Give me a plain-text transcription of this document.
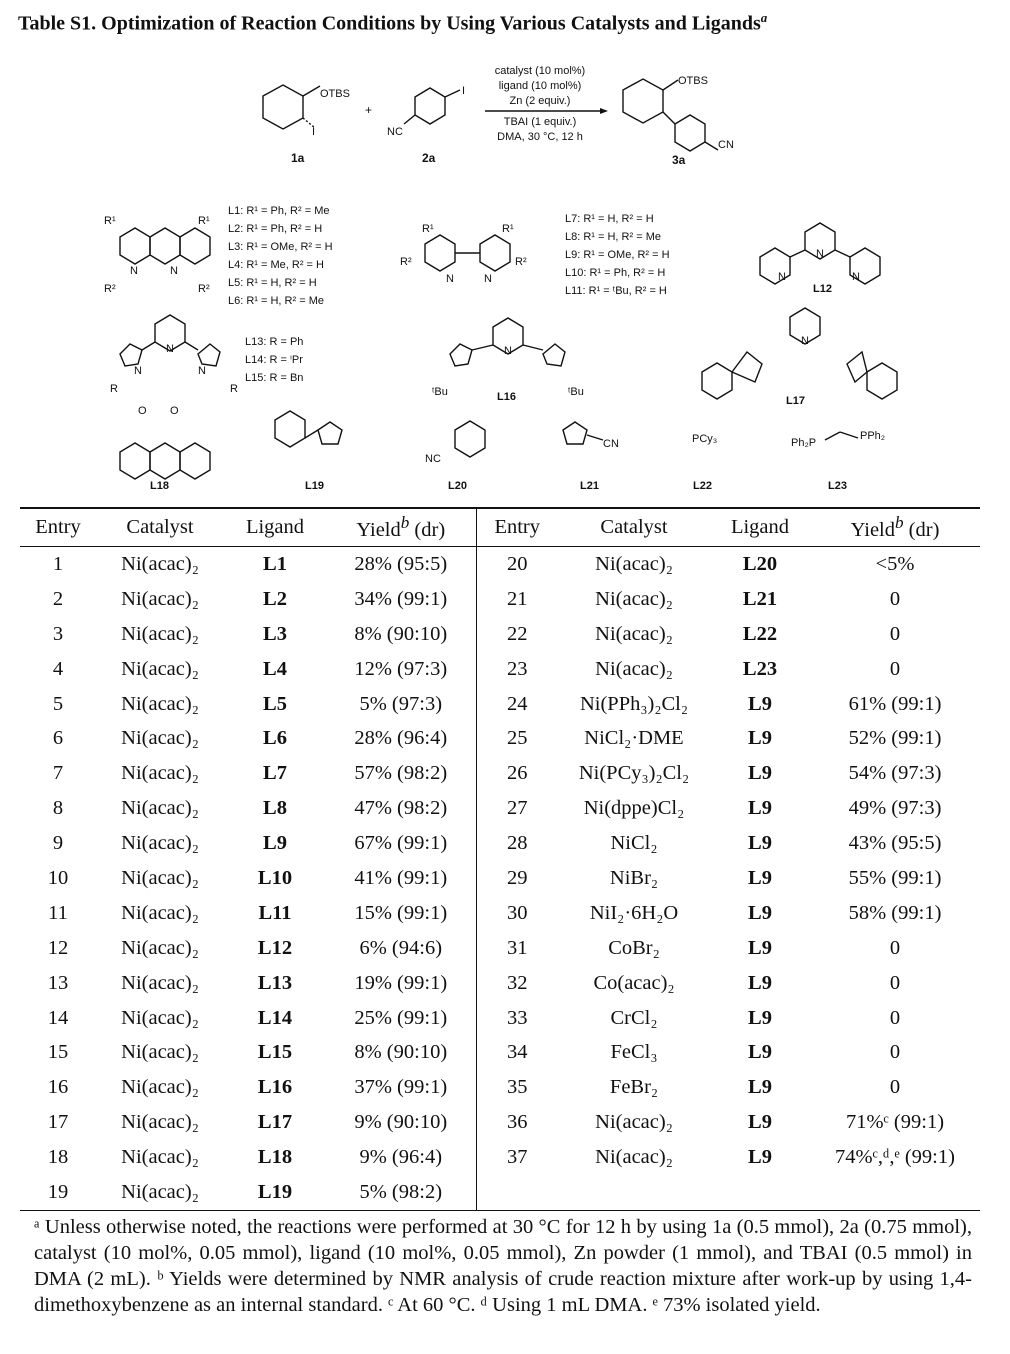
Table S1. Optimization of Reaction Conditions by Using Various Catalysts and Ligands$^a$
OTBS
I
1a
+
I
NC
2a
catalyst (10 mol%)
ligand (10 mol%)
Zn (2 equiv.)
TBAI (1 equiv.)
DMA, 30 °C, 12 h
OTBS
CN
3a
R¹	R¹
R²	R²
N	N
L1: R¹ = Ph, R² = Me
L2: R¹ = Ph, R² = H
L3: R¹ = OMe, R² = H
L4: R¹ = Me, R² = H
L5: R¹ = H, R² = H
L6: R¹ = H, R² = Me
R¹	R¹
R²	R²
N	N
L7: R¹ = H, R² = H
L8: R¹ = H, R² = Me
L9: R¹ = OMe, R² = H
L10: R¹ = Ph, R² = H
L11: R¹ = ᵗBu, R² = H
N
N	N
L12
N
N	N
R	R
L13: R = Ph
L14: R = ⁱPr
L15: R = Bn
N
ᵗBu	ᵗBu
L16
N
L17
O O
L18	L19
NC
L20
CN
L21
PCy₃
L22
Ph₂P
PPh₂
L23
Entry	Catalyst	Ligand	Yield$^b$ (dr)	Entry	Catalyst	Ligand	Yield$^b$ (dr)
1	Ni(acac)₂	L1	28% (95:5)	20	Ni(acac)₂	L20	<5%
2	Ni(acac)₂	L2	34% (99:1)	21	Ni(acac)₂	L21	0
3	Ni(acac)₂	L3	8% (90:10)	22	Ni(acac)₂	L22	0
4	Ni(acac)₂	L4	12% (97:3)	23	Ni(acac)₂	L23	0
5	Ni(acac)₂	L5	5% (97:3)	24	Ni(PPh₃)₂Cl₂	L9	61% (99:1)
6	Ni(acac)₂	L6	28% (96:4)	25	NiCl₂·DME	L9	52% (99:1)
7	Ni(acac)₂	L7	57% (98:2)	26	Ni(PCy₃)₂Cl₂	L9	54% (97:3)
8	Ni(acac)₂	L8	47% (98:2)	27	Ni(dppe)Cl₂	L9	49% (97:3)
9	Ni(acac)₂	L9	67% (99:1)	28	NiCl₂	L9	43% (95:5)
10	Ni(acac)₂	L10	41% (99:1)	29	NiBr₂	L9	55% (99:1)
11	Ni(acac)₂	L11	15% (99:1)	30	NiI₂·6H₂O	L9	58% (99:1)
12	Ni(acac)₂	L12	6% (94:6)	31	CoBr₂	L9	0
13	Ni(acac)₂	L13	19% (99:1)	32	Co(acac)₂	L9	0
14	Ni(acac)₂	L14	25% (99:1)	33	CrCl₂	L9	0
15	Ni(acac)₂	L15	8% (90:10)	34	FeCl₃	L9	0
16	Ni(acac)₂	L16	37% (99:1)	35	FeBr₂	L9	0
17	Ni(acac)₂	L17	9% (90:10)	36	Ni(acac)₂	L9	71%ᶜ (99:1)
18	Ni(acac)₂	L18	9% (96:4)	37	Ni(acac)₂	L9	74%ᶜ,ᵈ,ᵉ (99:1)
19	Ni(acac)₂	L19	5% (98:2)				
ᵃ Unless otherwise noted, the reactions were performed at 30 °C for 12 h by using 1a (0.5 mmol), 2a (0.75 mmol), catalyst (10 mol%, 0.05 mmol), ligand (10 mol%, 0.05 mmol), Zn powder (1 mmol), and TBAI (0.5 mmol) in DMA (2 mL). ᵇ Yields were determined by NMR analysis of crude reaction mixture after work-up by using 1,4-dimethoxybenzene as an internal standard. ᶜ At 60 °C. ᵈ Using 1 mL DMA. ᵉ 73% isolated yield.
